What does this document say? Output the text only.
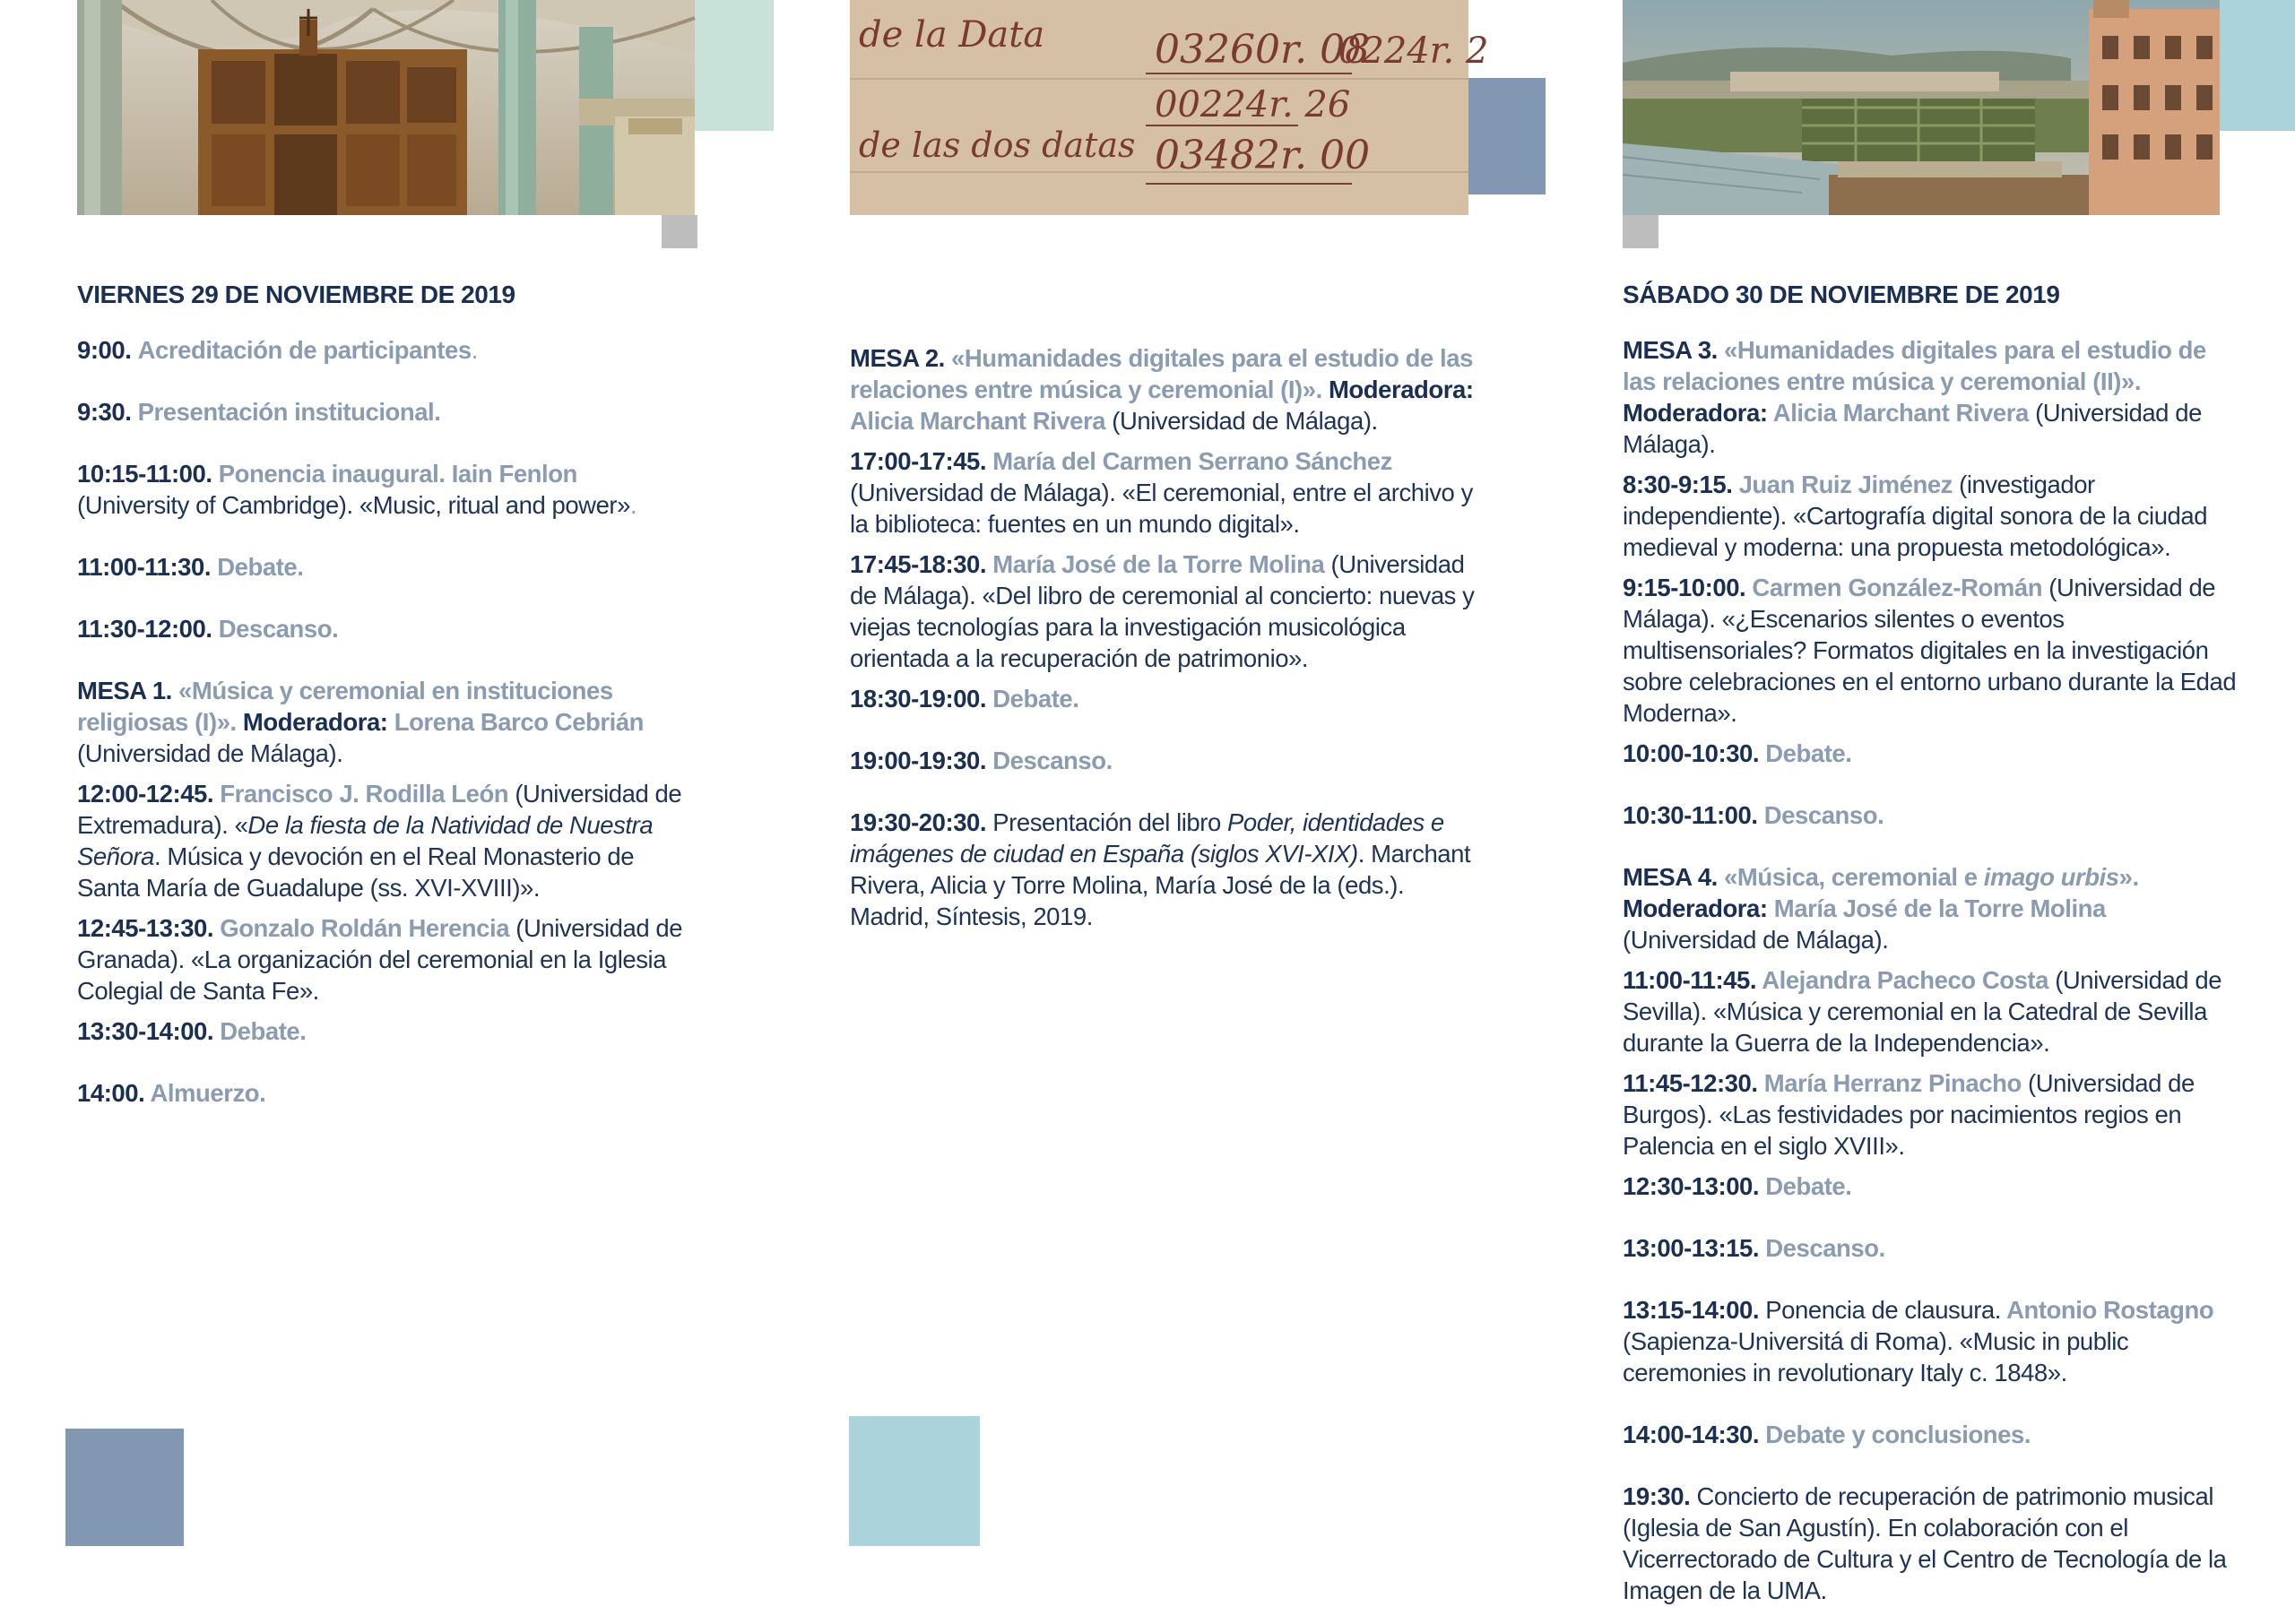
de la Data	03260r. 08
0224r. 2
00224r. 26
de las dos datas 03482r. 00

VIERNES 29 DE NOVIEMBRE DE 2019

9:00. Acreditación de participantes.

9:30. Presentación institucional.

10:15-11:00. Ponencia inaugural. Iain Fenlon (University of Cambridge). «Music, ritual and power».

11:00-11:30. Debate.

11:30-12:00. Descanso.

MESA 1. «Música y ceremonial en instituciones religiosas (I)». Moderadora: Lorena Barco Cebrián (Universidad de Málaga).

12:00-12:45. Francisco J. Rodilla León (Universidad de Extremadura). «De la fiesta de la Natividad de Nuestra Señora. Música y devoción en el Real Monasterio de Santa María de Guadalupe (ss. XVI-XVIII)».

12:45-13:30. Gonzalo Roldán Herencia (Universidad de Granada). «La organización del ceremonial en la Iglesia Colegial de Santa Fe».

13:30-14:00. Debate.

14:00. Almuerzo.

MESA 2. «Humanidades digitales para el estudio de las relaciones entre música y ceremonial (I)». Moderadora: Alicia Marchant Rivera (Universidad de Málaga).

17:00-17:45. María del Carmen Serrano Sánchez (Universidad de Málaga). «El ceremonial, entre el archivo y la biblioteca: fuentes en un mundo digital».

17:45-18:30. María José de la Torre Molina (Universidad de Málaga). «Del libro de ceremonial al concierto: nuevas y viejas tecnologías para la investigación musicológica orientada a la recuperación de patrimonio».

18:30-19:00. Debate.

19:00-19:30. Descanso.

19:30-20:30. Presentación del libro Poder, identidades e imágenes de ciudad en España (siglos XVI-XIX). Marchant Rivera, Alicia y Torre Molina, María José de la (eds.). Madrid, Síntesis, 2019.

SÁBADO 30 DE NOVIEMBRE DE 2019

MESA 3. «Humanidades digitales para el estudio de las relaciones entre música y ceremonial (II)». Moderadora: Alicia Marchant Rivera (Universidad de Málaga).

8:30-9:15. Juan Ruiz Jiménez (investigador independiente). «Cartografía digital sonora de la ciudad medieval y moderna: una propuesta metodológica».

9:15-10:00. Carmen González-Román (Universidad de Málaga). «¿Escenarios silentes o eventos multisensoriales? Formatos digitales en la investigación sobre celebraciones en el entorno urbano durante la Edad Moderna».

10:00-10:30. Debate.

10:30-11:00. Descanso.

MESA 4. «Música, ceremonial e imago urbis».
Moderadora: María José de la Torre Molina (Universidad de Málaga).

11:00-11:45. Alejandra Pacheco Costa (Universidad de Sevilla). «Música y ceremonial en la Catedral de Sevilla durante la Guerra de la Independencia».

11:45-12:30. María Herranz Pinacho (Universidad de Burgos). «Las festividades por nacimientos regios en Palencia en el siglo XVIII».

12:30-13:00. Debate.

13:00-13:15. Descanso.

13:15-14:00. Ponencia de clausura. Antonio Rostagno (Sapienza-Universitá di Roma). «Music in public ceremonies in revolutionary Italy c. 1848».

14:00-14:30. Debate y conclusiones.

19:30. Concierto de recuperación de patrimonio musical (Iglesia de San Agustín). En colaboración con el Vicerrectorado de Cultura y el Centro de Tecnología de la Imagen de la UMA.
